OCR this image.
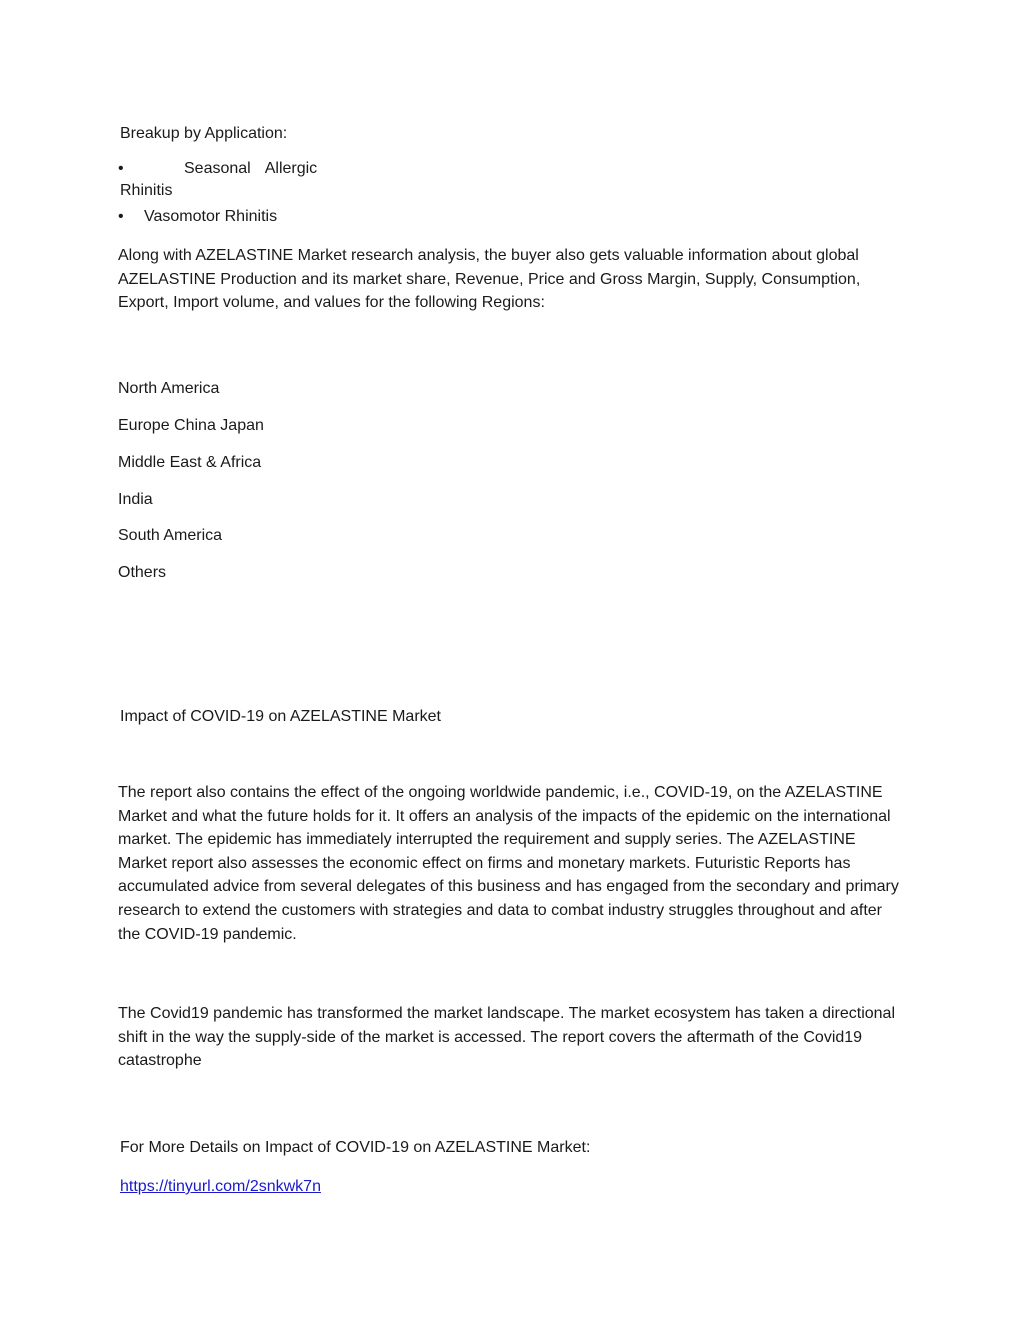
Breakup by Application:

•	Seasonal Allergic

Rhinitis

• Vasomotor Rhinitis

Along with AZELASTINE Market research analysis, the buyer also gets valuable information about global AZELASTINE Production and its market share, Revenue, Price and Gross Margin, Supply, Consumption, Export, Import volume, and values for the following Regions:

North America

Europe China Japan

Middle East & Africa

India

South America

Others

Impact of COVID-19 on AZELASTINE Market

The report also contains the effect of the ongoing worldwide pandemic, i.e., COVID-19, on the AZELASTINE Market and what the future holds for it. It offers an analysis of the impacts of the epidemic on the international market. The epidemic has immediately interrupted the requirement and supply series. The AZELASTINE Market report also assesses the economic effect on firms and monetary markets. Futuristic Reports has accumulated advice from several delegates of this business and has engaged from the secondary and primary research to extend the customers with strategies and data to combat industry struggles throughout and after the COVID-19 pandemic.

The Covid19 pandemic has transformed the market landscape. The market ecosystem has taken a directional shift in the way the supply-side of the market is accessed. The report covers the aftermath of the Covid19 catastrophe

For More Details on Impact of COVID-19 on AZELASTINE Market:

https://tinyurl.com/2snkwk7n
